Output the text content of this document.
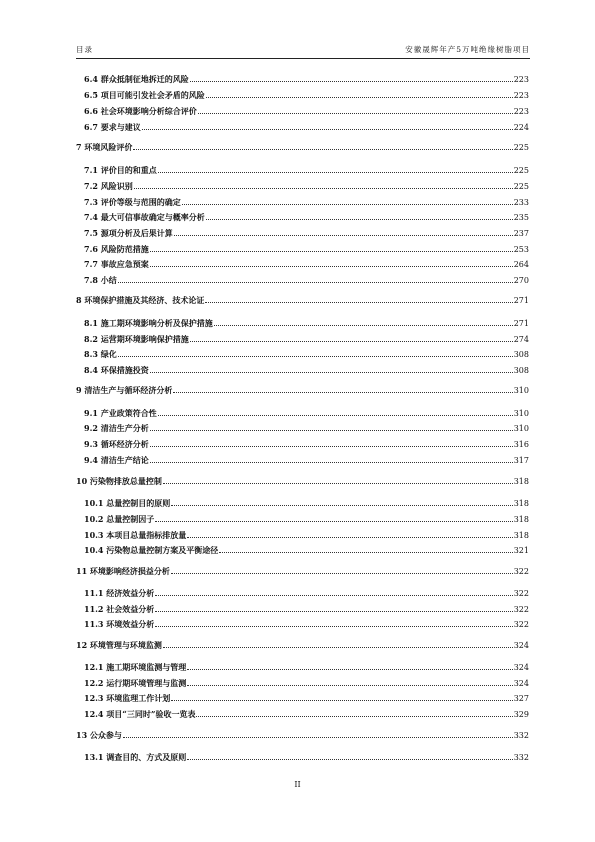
目录	安徽晟辉年产5万吨绝缘树脂项目
6.4 群众抵制征地拆迁的风险	223
6.5 项目可能引发社会矛盾的风险	223
6.6 社会环境影响分析综合评价	223
6.7 要求与建议	224
7 环境风险评价	225
7.1 评价目的和重点	225
7.2 风险识别	225
7.3 评价等级与范围的确定	233
7.4 最大可信事故确定与概率分析	235
7.5 源项分析及后果计算	237
7.6 风险防范措施	253
7.7 事故应急预案	264
7.8 小结	270
8 环境保护措施及其经济、技术论证	271
8.1 施工期环境影响分析及保护措施	271
8.2 运营期环境影响保护措施	274
8.3 绿化	308
8.4 环保措施投资	308
9 清洁生产与循环经济分析	310
9.1 产业政策符合性	310
9.2 清洁生产分析	310
9.3 循环经济分析	316
9.4 清洁生产结论	317
10 污染物排放总量控制	318
10.1 总量控制目的原则	318
10.2 总量控制因子	318
10.3 本项目总量指标排放量	318
10.4 污染物总量控制方案及平衡途径	321
11 环境影响经济损益分析	322
11.1 经济效益分析	322
11.2 社会效益分析	322
11.3 环境效益分析	322
12 环境管理与环境监测	324
12.1 施工期环境监测与管理	324
12.2 运行期环境管理与监测	324
12.3 环境监理工作计划	327
12.4 项目“三同时”验收一览表	329
13 公众参与	332
13.1 调查目的、方式及原则	332
II
